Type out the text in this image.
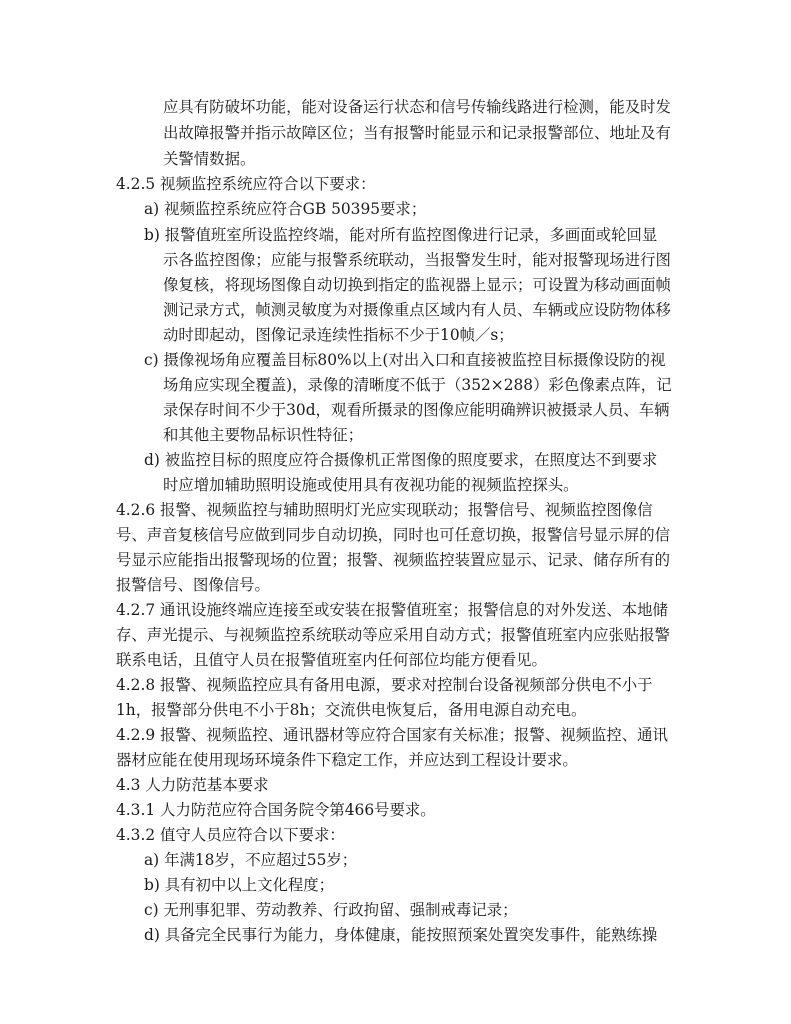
应具有防破坏功能，能对设备运行状态和信号传输线路进行检测，能及时发
出故障报警并指示故障区位；当有报警时能显示和记录报警部位、地址及有
关警情数据。
4.2.5 视频监控系统应符合以下要求：
a) 视频监控系统应符合GB 50395要求；
b) 报警值班室所设监控终端，能对所有监控图像进行记录，多画面或轮回显
示各监控图像；应能与报警系统联动，当报警发生时，能对报警现场进行图
像复核，将现场图像自动切换到指定的监视器上显示；可设置为移动画面帧
测记录方式，帧测灵敏度为对摄像重点区域内有人员、车辆或应设防物体移
动时即起动，图像记录连续性指标不少于10帧／s；
c) 摄像视场角应覆盖目标80%以上(对出入口和直接被监控目标摄像设防的视
场角应实现全覆盖)，录像的清晰度不低于（352×288）彩色像素点阵，记
录保存时间不少于30d，观看所摄录的图像应能明确辨识被摄录人员、车辆
和其他主要物品标识性特征；
d) 被监控目标的照度应符合摄像机正常图像的照度要求，在照度达不到要求
时应增加辅助照明设施或使用具有夜视功能的视频监控探头。
4.2.6 报警、视频监控与辅助照明灯光应实现联动；报警信号、视频监控图像信
号、声音复核信号应做到同步自动切换，同时也可任意切换，报警信号显示屏的信
号显示应能指出报警现场的位置；报警、视频监控装置应显示、记录、储存所有的
报警信号、图像信号。
4.2.7 通讯设施终端应连接至或安装在报警值班室；报警信息的对外发送、本地储
存、声光提示、与视频监控系统联动等应采用自动方式；报警值班室内应张贴报警
联系电话，且值守人员在报警值班室内任何部位均能方便看见。
4.2.8 报警、视频监控应具有备用电源，要求对控制台设备视频部分供电不小于
1h，报警部分供电不小于8h；交流供电恢复后，备用电源自动充电。
4.2.9 报警、视频监控、通讯器材等应符合国家有关标准；报警、视频监控、通讯
器材应能在使用现场环境条件下稳定工作，并应达到工程设计要求。
4.3 人力防范基本要求
4.3.1 人力防范应符合国务院令第466号要求。
4.3.2 值守人员应符合以下要求：
a) 年满18岁，不应超过55岁；
b) 具有初中以上文化程度；
c) 无刑事犯罪、劳动教养、行政拘留、强制戒毒记录；
d) 具备完全民事行为能力，身体健康，能按照预案处置突发事件，能熟练操
